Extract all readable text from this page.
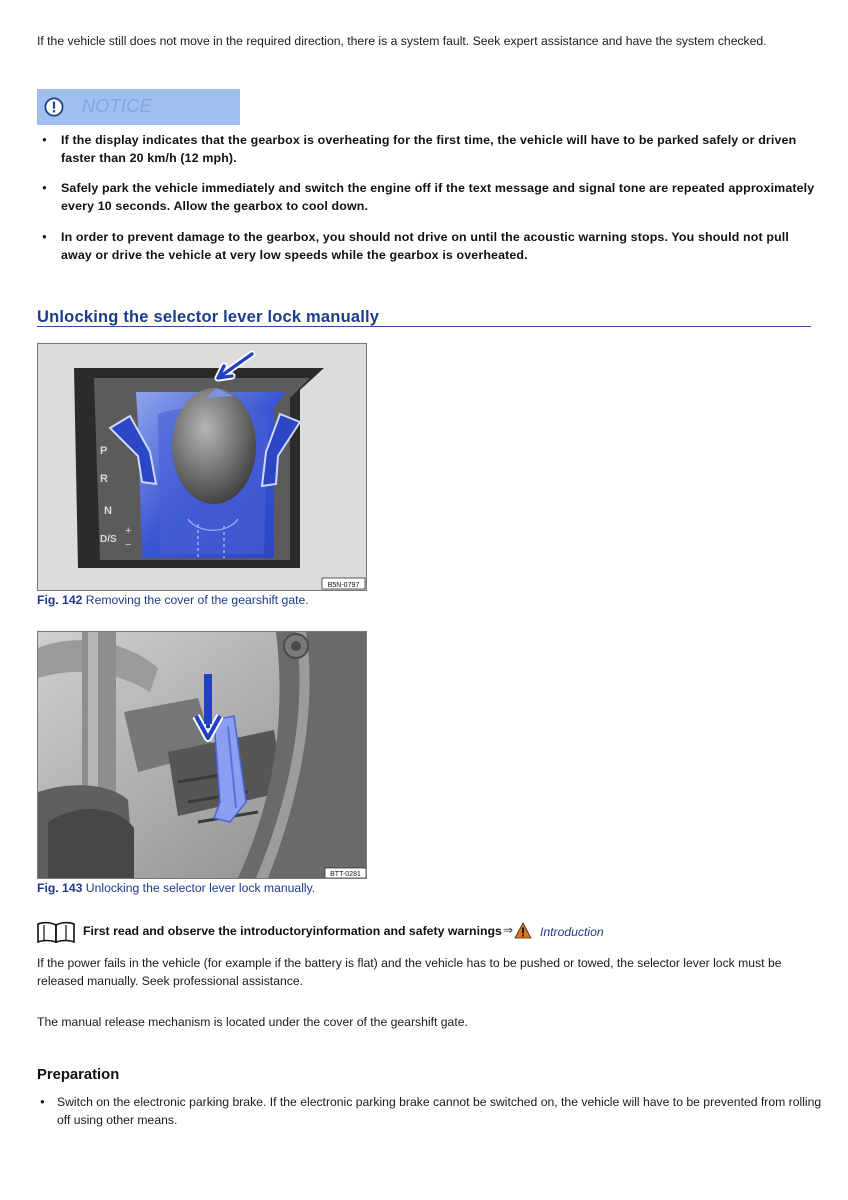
If the vehicle still does not move in the required direction, there is a system fault. Seek expert assistance and have the system checked.
NOTICE
● If the display indicates that the gearbox is overheating for the first time, the vehicle will have to be parked safely or driven faster than 20 km/h (12 mph).
● Safely park the vehicle immediately and switch the engine off if the text message and signal tone are repeated approximately every 10 seconds. Allow the gearbox to cool down.
● In order to prevent damage to the gearbox, you should not drive on until the acoustic warning stops. You should not pull away or drive the vehicle at very low speeds while the gearbox is overheated.
Unlocking the selector lever lock manually
P
R
N
D/S
+
−
B5N-0797
Fig. 142 Removing the cover of the gearshift gate.
BTT-0281
Fig. 143 Unlocking the selector lever lock manually.
First read and observe the introductoryinformation and safety warnings ⇒ Introduction
If the power fails in the vehicle (for example if the battery is flat) and the vehicle has to be pushed or towed, the selector lever lock must be released manually. Seek professional assistance.
The manual release mechanism is located under the cover of the gearshift gate.
Preparation
● Switch on the electronic parking brake. If the electronic parking brake cannot be switched on, the vehicle will have to be prevented from rolling off using other means.
